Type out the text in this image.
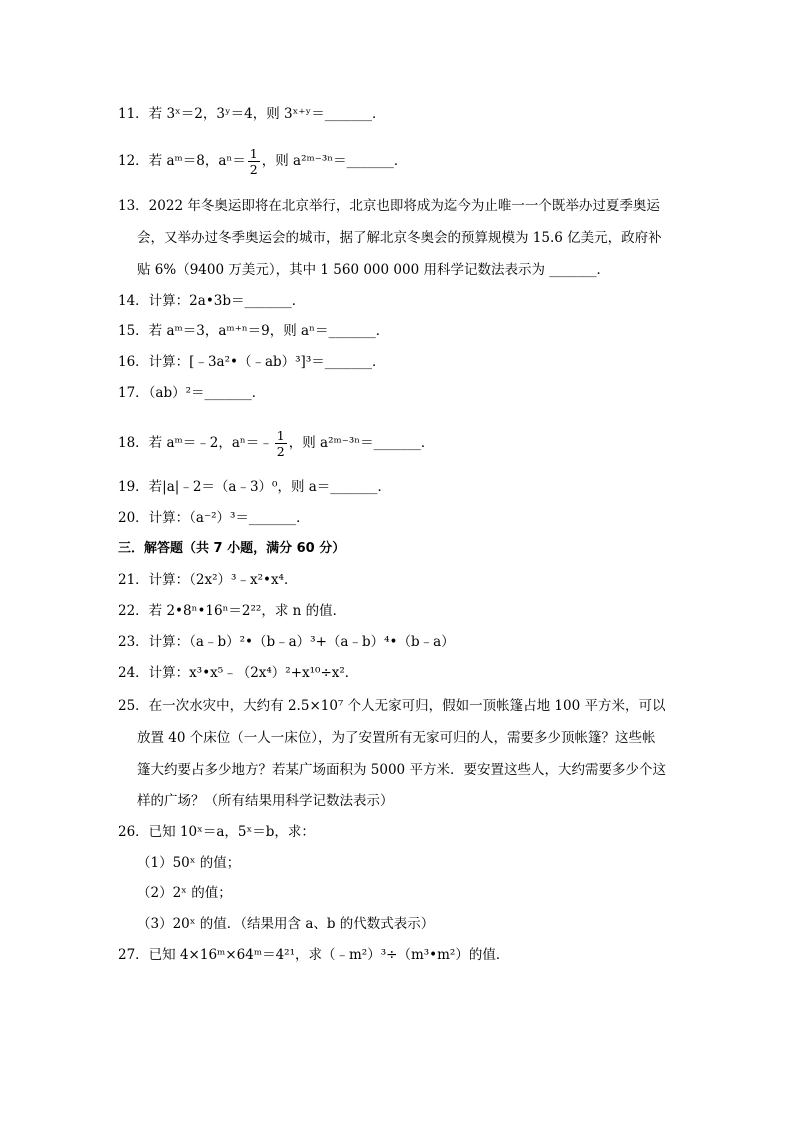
11．若 3ˣ＝2，3ʸ＝4，则 3ˣ⁺ʸ＝_______．
12．若 aᵐ＝8，$a^n= \frac{1}{2}$ ，则 a²ᵐ⁻³ⁿ＝_______．
13．2022 年冬奥运即将在北京举行，北京也即将成为迄今为止唯一一个既举办过夏季奥运
会，又举办过冬季奥运会的城市，据了解北京冬奥会的预算规模为 15.6 亿美元，政府补
贴 6%（9400 万美元），其中 1 560 000 000 用科学记数法表示为 _______．
14．计算：2a•3b＝_______．
15．若 aᵐ＝3，aᵐ⁺ⁿ＝9，则 aⁿ＝_______．
16．计算：[﹣3a²•（﹣ab）³]³＝_______．
17．（ab）²＝_______．
18．若 aᵐ＝﹣2，aⁿ＝﹣ $\frac{1}{2}$ ，则 a²ᵐ⁻³ⁿ＝_______．
19．若|a|﹣2＝（a﹣3）⁰，则 a＝_______．
20．计算：（a⁻²）³＝_______．
三．解答题（共 7 小题，满分 60 分）
21．计算：（2x²）³﹣x²•x⁴．
22．若 2•8ⁿ•16ⁿ＝2²²，求 n 的值．
23．计算：（a﹣b）²•（b﹣a）³+（a﹣b）⁴•（b﹣a）
24．计算：x³•x⁵﹣（2x⁴）²+x¹⁰÷x²．
25．在一次水灾中，大约有 2.5×10⁷ 个人无家可归，假如一顶帐篷占地 100 平方米，可以
放置 40 个床位（一人一床位），为了安置所有无家可归的人，需要多少顶帐篷？这些帐
篷大约要占多少地方？若某广场面积为 5000 平方米．要安置这些人，大约需要多少个这
样的广场？（所有结果用科学记数法表示）
26．已知 10ˣ＝a，5ˣ＝b，求：
（1）50ˣ 的值；
（2）2ˣ 的值；
（3）20ˣ 的值．（结果用含 a、b 的代数式表示）
27．已知 4×16ᵐ×64ᵐ＝4²¹，求（﹣m²）³÷（m³•m²）的值．
